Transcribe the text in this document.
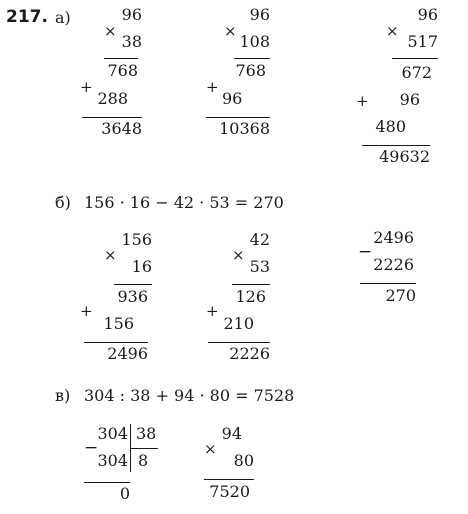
217. а)
×
96
38
768
+
288
3648
×
96
108
768
+
96
10368
×
96
517
672
+	96
480
49632
б) 156 · 16 − 42 · 53 = 270
×
156
16
936
+
156
2496
×
42
53
126
+
210
2226
−
2496
2226
270
в) 304 : 38 + 94 · 80 = 7528
−
304 38
304 8
0
×
94
80
7520
